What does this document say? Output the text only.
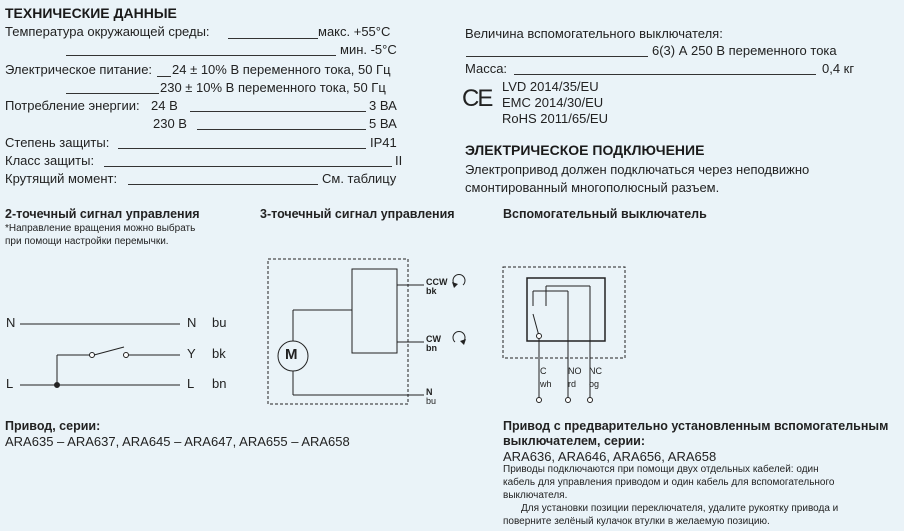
ТЕХНИЧЕСКИЕ ДАННЫЕ
Температура окружающей среды:	макс. +55°C
мин. -5°C
Электрическое питание: 24 ± 10% В переменного тока, 50 Гц
230 ± 10% В переменного тока, 50 Гц
Потребление энергии: 24 В	3 ВА
230 В	5 ВА
Степень защиты:	IP41
Класс защиты:	II
Крутящий момент:	См. таблицу
Величина вспомогательного выключателя:
6(3) А 250 В переменного тока
Масса:	0,4 кг
CE LVD 2014/35/EU
EMC 2014/30/EU
RoHS 2011/65/EU
ЭЛЕКТРИЧЕСКОЕ ПОДКЛЮЧЕНИЕ
Электропривод должен подключаться через неподвижно
смонтированный многополюсный разъем.
2-точечный сигнал управления
*Направление вращения можно выбрать
при помощи настройки перемычки.
3-точечный сигнал управления	Вспомогательный выключатель
N	N bu
Y bk
L	L bn
CCW
bk
CW
bn
N
bu
M
C
wh
NO
rd
NC
og
Привод, серии:
ARA635 – ARA637, ARA645 – ARA647, ARA655 – ARA658
Привод с предварительно установленным вспомогательным
выключателем, серии:
ARA636, ARA646, ARA656, ARA658
Приводы подключаются при помощи двух отдельных кабелей: один
кабель для управления приводом и один кабель для вспомогательного
выключателя.
Для установки позиции переключателя, удалите рукоятку привода и
поверните зелёный кулачок втулки в желаемую позицию.
